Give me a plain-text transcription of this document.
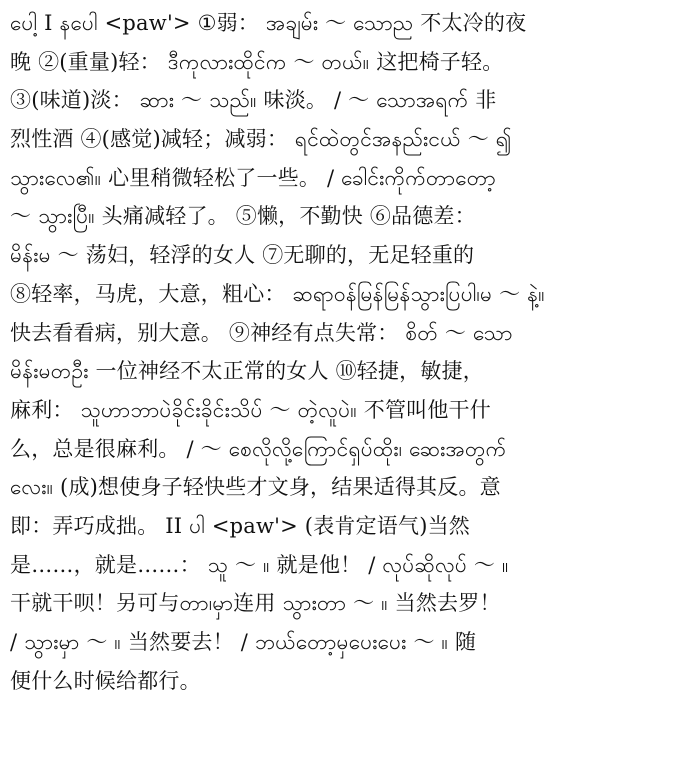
ပေါ့ I နပေါ <paw'> ①弱： အချမ်း ～ သောည 不太冷的夜
晚 ②(重量)轻： ဒီကုလားထိုင်က ～ တယ်။ 这把椅子轻。
③(味道)淡： ဆား ～ သည်။ 味淡。 / ～ သောအရက် 非
烈性酒 ④(感觉)减轻；减弱： ရင်ထဲတွင်အနည်းငယ် ～ ၍
သွားလေ၏။ 心里稍微轻松了一些。 / ခေါင်းကိုက်တာတော့
～ သွားပြီ။ 头痛减轻了。 ⑤懒，不勤快 ⑥品德差：
မိန်းမ ～ 荡妇，轻浮的女人 ⑦无聊的，无足轻重的
⑧轻率，马虎，大意，粗心： ဆရာဝန်မြန်မြန်သွားပြပါ၊မ ～ နဲ့။
快去看看病，别大意。 ⑨神经有点失常： စိတ် ～ သော
မိန်းမတဦး 一位神经不太正常的女人 ⑩轻捷，敏捷，
麻利： သူဟာဘာပဲခိုင်းခိုင်းသိပ် ～ တဲ့လူပဲ။ 不管叫他干什
么，总是很麻利。 / ～ စေလိုလို့ကြောင်ရှပ်ထိုး၊ ဆေးအတွက်
လေး။ (成)想使身子轻快些才文身，结果适得其反。意
即：弄巧成拙。 II ပါ <paw'> (表肯定语气)当然
是……，就是……： သူ ～ ။ 就是他！ / လုပ်ဆိုလုပ် ～ ။
干就干呗！另可与တာ၊မှာ连用 သွားတာ ～ ။ 当然去罗！
/ သွားမှာ ～ ။ 当然要去！ / ဘယ်တော့မှပေးပေး ～ ။ 随
便什么时候给都行。
